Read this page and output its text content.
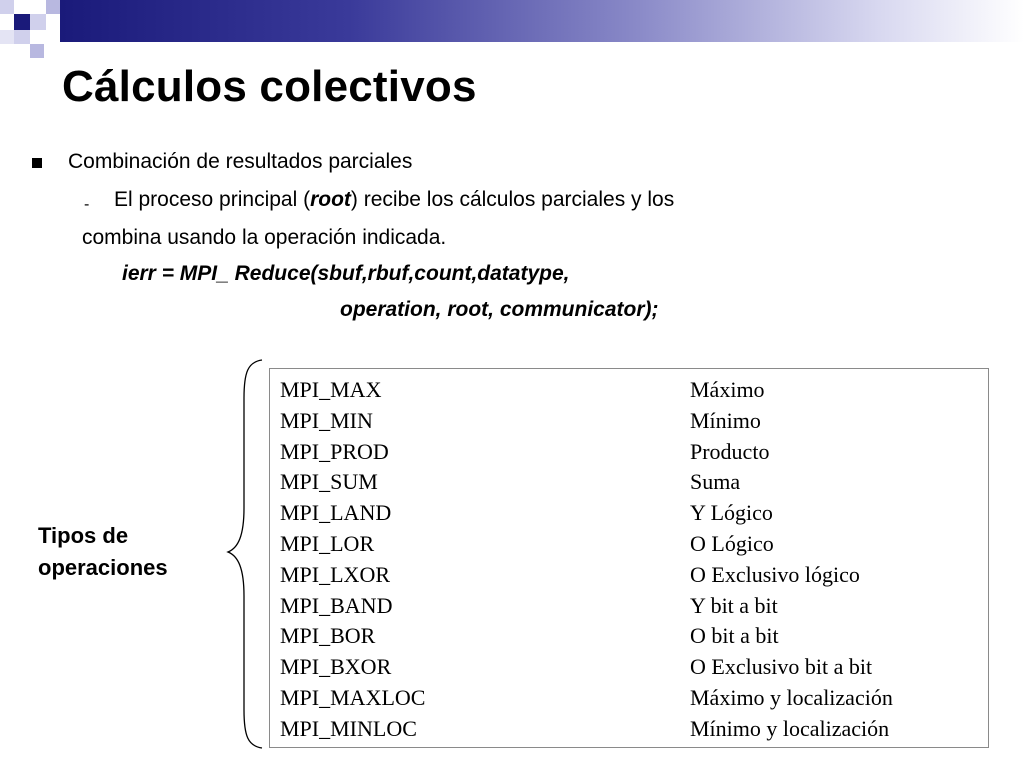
Cálculos colectivos

Combinación de resultados parciales

- El proceso principal (root) recibe los cálculos parciales y los

combina usando la operación indicada.

ierr = MPI_ Reduce(sbuf,rbuf,count,datatype,

operation, root, communicator);

Tipos de
operaciones

MPI_MAX	Máximo
MPI_MIN	Mínimo
MPI_PROD	Producto
MPI_SUM	Suma
MPI_LAND	Y Lógico
MPI_LOR	O Lógico
MPI_LXOR	O Exclusivo lógico
MPI_BAND	Y bit a bit
MPI_BOR	O bit a bit
MPI_BXOR	O Exclusivo bit a bit
MPI_MAXLOC	Máximo y localización
MPI_MINLOC	Mínimo y localización
